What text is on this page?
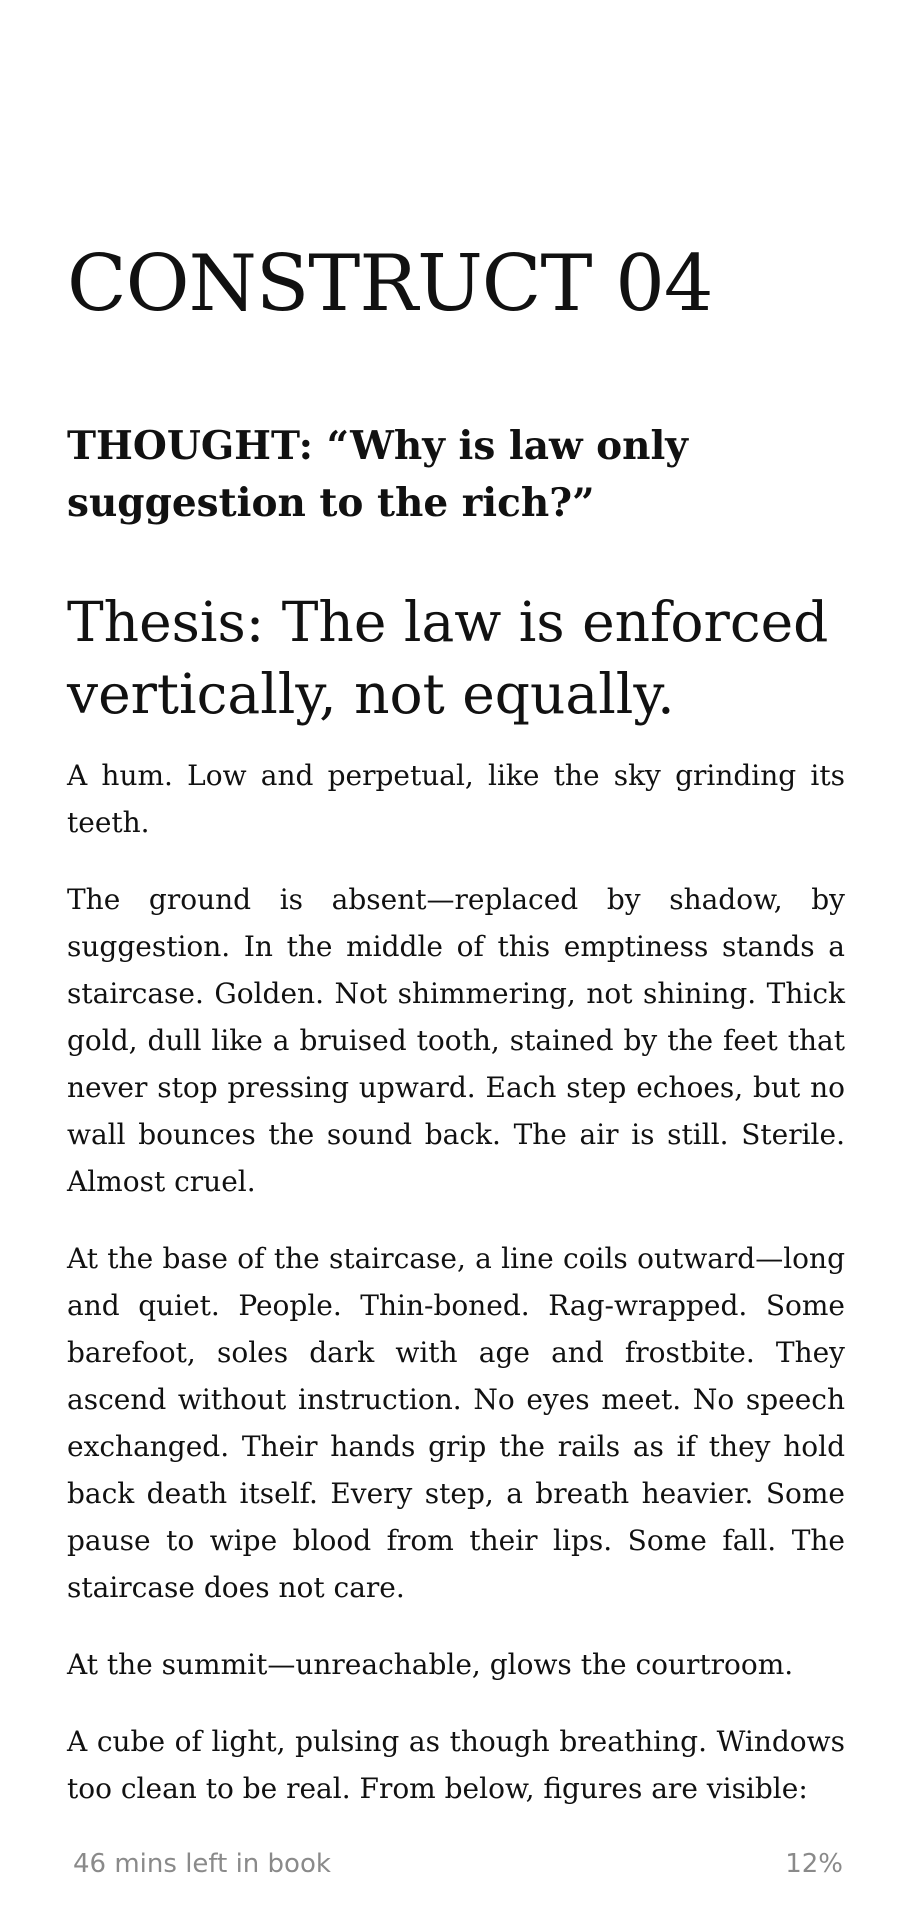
CONSTRUCT 04
THOUGHT: “Why is law only suggestion to the rich?”
Thesis: The law is enforced vertically, not equally.

A hum. Low and perpetual, like the sky grinding its teeth.

The ground is absent—replaced by shadow, by suggestion. In the middle of this emptiness stands a staircase. Golden. Not shimmering, not shining. Thick gold, dull like a bruised tooth, stained by the feet that never stop pressing upward. Each step echoes, but no wall bounces the sound back. The air is still. Sterile. Almost cruel.

At the base of the staircase, a line coils outward—long and quiet. People. Thin-boned. Rag-wrapped. Some barefoot, soles dark with age and frostbite. They ascend without instruction. No eyes meet. No speech exchanged. Their hands grip the rails as if they hold back death itself. Every step, a breath heavier. Some pause to wipe blood from their lips. Some fall. The staircase does not care.

At the summit—unreachable, glows the courtroom.

A cube of light, pulsing as though breathing. Windows too clean to be real. From below, figures are visible:

46 mins left in book	12%
